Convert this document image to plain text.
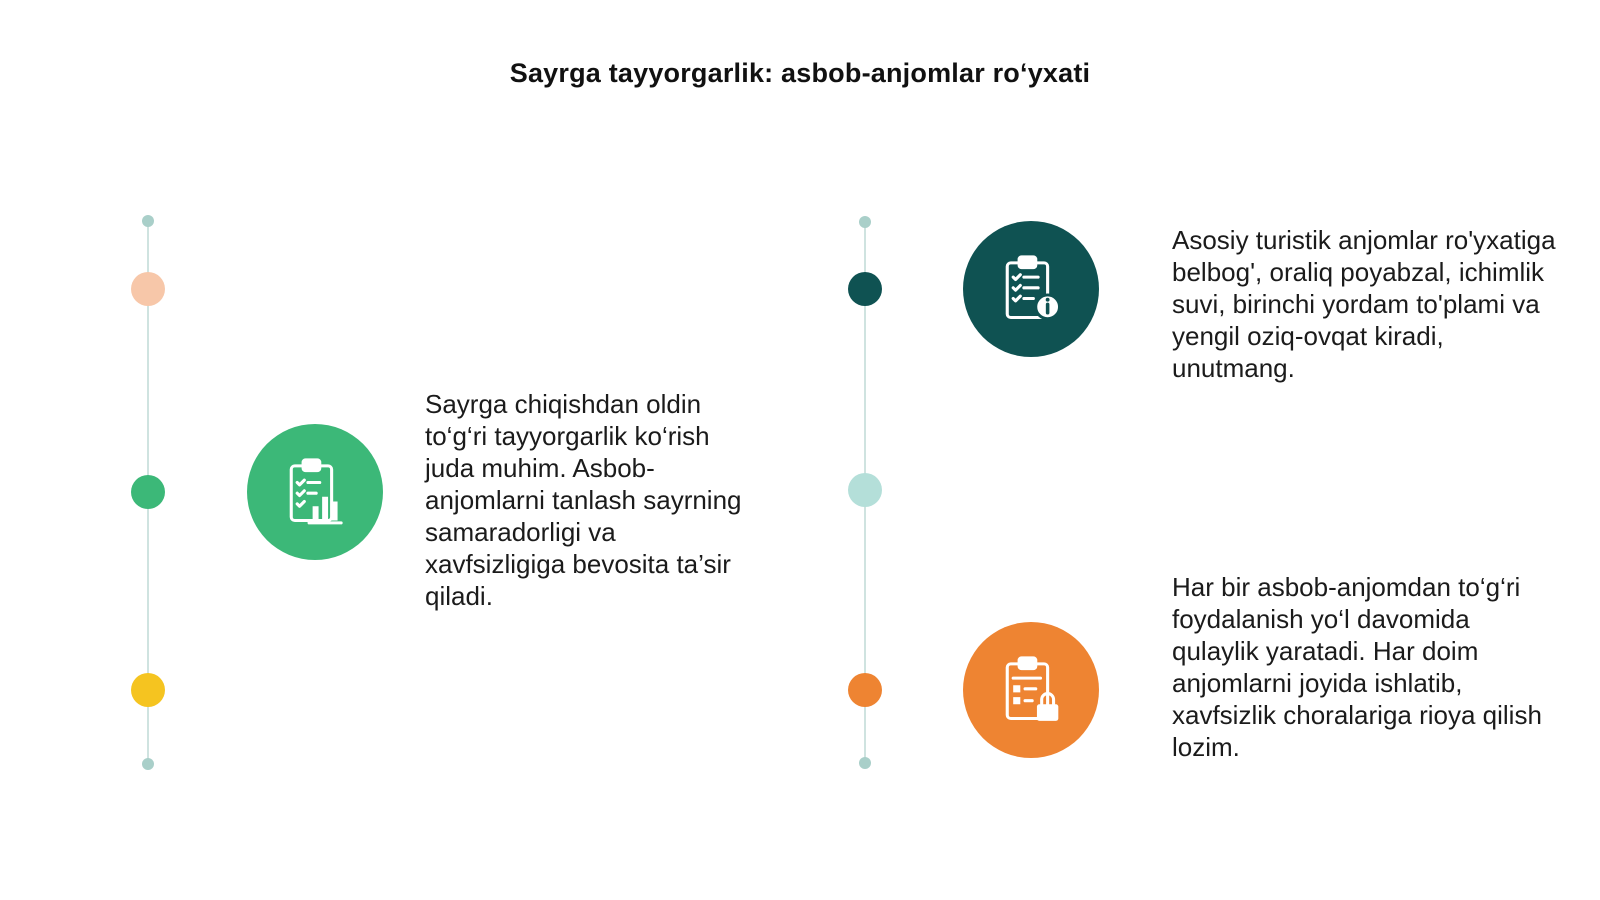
Sayrga tayyorgarlik: asbob-anjomlar ro‘yxati

Sayrga chiqishdan oldin to‘g‘ri tayyorgarlik ko‘rish juda muhim. Asbob-anjomlarni tanlash sayrning samaradorligi va xavfsizligiga bevosita ta’sir qiladi.

Asosiy turistik anjomlar ro'yxatiga belbog', oraliq poyabzal, ichimlik suvi, birinchi yordam to'plami va yengil oziq-ovqat kiradi, unutmang.

Har bir asbob-anjomdan to‘g‘ri foydalanish yo‘l davomida qulaylik yaratadi. Har doim anjomlarni joyida ishlatib, xavfsizlik choralariga rioya qilish lozim.
